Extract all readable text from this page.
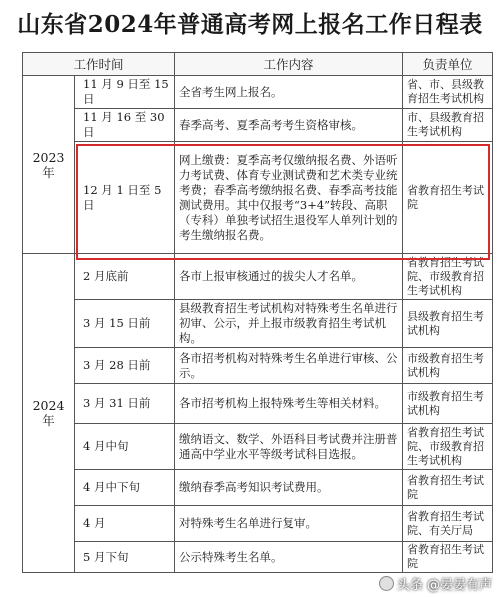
山东省2024年普通高考网上报名工作日程表
工作时间		工作内容	负责单位
2023 年	11 月 9 日至 15 日	全省考生网上报名。	省、市、县级教育招生考试机构
	11 月 16 至 30 日	春季高考、夏季高考考生资格审核。	市、县级教育招生考试机构
	12 月 1 日至 5 日	网上缴费：夏季高考仅缴纳报名费、外语听力考试费、体育专业测试费和艺术类专业统考费；春季高考缴纳报名费、春季高考技能测试费用。其中仅报考“3+4”转段、高职（专科）单独考试招生退役军人单列计划的考生缴纳报名费。	省教育招生考试院
2024 年	2 月底前	各市上报审核通过的拔尖人才名单。	省教育招生考试院、市级教育招生考试机构
	3 月 15 日前	县级教育招生考试机构对特殊考生名单进行初审、公示，并上报市级教育招生考试机构。	县级教育招生考试机构
	3 月 28 日前	各市招考机构对特殊考生名单进行审核、公示。	市级教育招生考试机构
	3 月 31 日前	各市招考机构上报特殊考生等相关材料。	市级教育招生考试机构
	4 月中旬	缴纳语文、数学、外语科目考试费并注册普通高中学业水平等级考试科目选报。	省教育招生考试院、市级教育招生考试机构
	4 月中下旬	缴纳春季高考知识考试费用。	省教育招生考试院
	4 月	对特殊考生名单进行复审。	省教育招生考试院、有关厅局
	5 月下旬	公示特殊考生名单。	省教育招生考试院
头条 @晏晏有声
